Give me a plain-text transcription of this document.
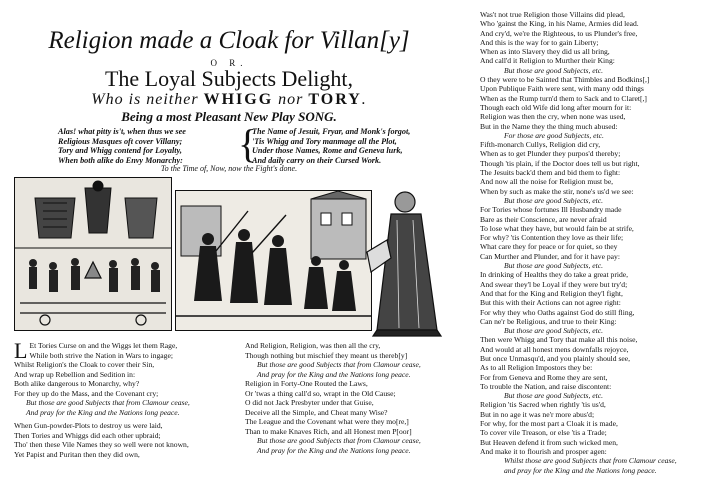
Religion made a Cloak for Villan[y]
O R.
The Loyal Subjects Delight,
Who is neither WHIGG nor TORY.
Being a most Pleasant New Play SONG.
Alas! what pitty is't, when thus we see
Religious Masques oft cover Villany;
Tory and Whigg contend for Loyalty,
When both alike do Envy Monarchy:	{
The Name of Jesuit, Fryar, and Monk's forgot,
'Tis Whigg and Tory manmage all the Plot,
Under those Names, Rome and Geneva lurk,
And daily carry on their Cursed Work.
To the Time of, Now, now the Fight's done.
L Et Tories Curse on and the Wiggs let them Rage,
While both strive the Nation in Wars to ingage;
Whilst Religion's the Cloak to cover their Sin,
And wrap up Rebellion and Sedition in:
Both alike dangerous to Monarchy, why?
For they up do the Mass, and the Covenant cry;
But those are good Subjects that from Clamour cease,
And pray for the King and the Nations long peace.
When Gun-powder-Plots to destroy us were laid,
Then Tories and Whiggs did each other upbraid;
Tho' then these Vile Names they so well were not known,
Yet Papist and Puritan then they did own,
And Religion, Religion, was then all the cry,
Though nothing but mischief they meant us thereb[y]
But those are good Subjects that from Clamour cease,
And pray for the King and the Nations long peace.
Religion in Forty-One Routed the Laws,
Or 'twas a thing call'd so, wrapt in the Old Cause;
O did not Jack Presbyter under that Guise,
Deceive all the Simple, and Cheat many Wise?
The League and the Covenant what were they mo[re,]
Than to make Knaves Rich, and all Honest men P[oor]
But those are good Subjects that from Clamour cease,
And pray for the King and the Nations long peace.
Was't not true Religion those Villains did plead,
Who 'gainst the King, in his Name, Armies did lead.
And cry'd, we're the Righteous, to us Plunder's free,
And this is the way for to gain Liberty;
When as into Slavery they did us all bring,
And call'd it Religion to Murther their King:
But those are good Subjects, etc.
O they were to be Sainted that Thimbles and Bodkins[,]
Upon Publique Faith were sent, with many odd things
When as the Rump turn'd them to Sack and to Claret[,]
Though each old Wife did long after mourn for it:
Religion was then the cry, when none was used,
But in the Name they the thing much abused:
For those are good Subjects, etc.
Fifth-monarch Cullys, Religion did cry,
When as to get Plunder they purpos'd thereby;
Though 'tis plain, if the Doctor does tell us but right,
The Jesuits back'd them and bid them to fight:
And now all the noise for Religion must be,
When by such as make the stir, none's us'd we see:
But those are good Subjects, etc.
For Tories whose fortunes Ill Husbandry made
Bare as their Conscience, are never afraid
To lose what they have, but would fain be at strife,
For why? 'tis Contention they love as their life;
What care they for peace or for quiet, so they
Can Murther and Plunder, and for it have pay:
But those are good Subjects, etc.
In drinking of Healths they do take a great pride,
And swear they'l be Loyal if they were but try'd;
And that for the King and Religion they'l fight,
But this with their Actions can not agree right:
For why they who Oaths against God do still fling,
Can ne'r be Religious, and true to their King:
But those are good Subjects, etc.
Then were Whigg and Tory that make all this noise,
And would at all honest mens downfalls rejoyce,
But once Unmasqu'd, and you plainly should see,
As to all Religion Impostors they be:
For from Geneva and Rome they are sent,
To trouble the Nation, and raise discontent:
But those are good Subjects, etc.
Religion 'tis Sacred when rightly 'tis us'd,
But in no age it was ne'r more abus'd;
For why, for the most part a Cloak it is made,
To cover vile Treason, or else 'tis a Trade;
But Heaven defend it from such wicked men,
And make it to flourish and prosper agen:
Whilst those are good Subjects that from Clamour cease,
and pray for the King and the Nations long peace.
